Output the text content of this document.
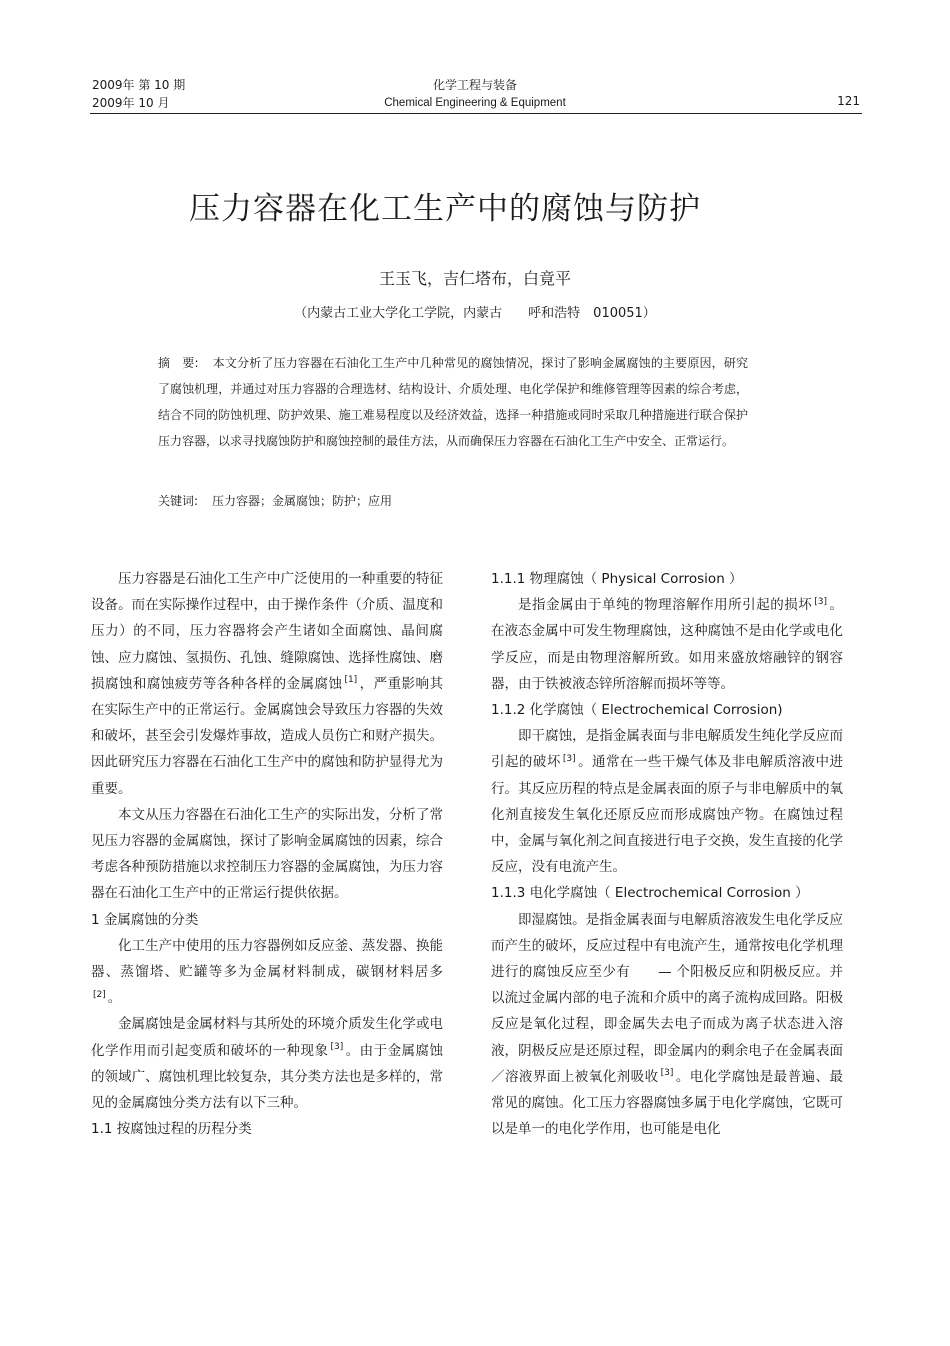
2009年 第 10 期
2009年 10 月
化学工程与装备
Chemical Engineering & Equipment	121
压力容器在化工生产中的腐蚀与防护
王玉飞，吉仁塔布，白竟平
（内蒙古工业大学化工学院，内蒙古　　呼和浩特　010051）
摘　要: 本文分析了压力容器在石油化工生产中几种常见的腐蚀情况，探讨了影响金属腐蚀的主要原因，研究了腐蚀机理，并通过对压力容器的合理选材、结构设计、介质处理、电化学保护和维修管理等因素的综合考虑，结合不同的防蚀机理、防护效果、施工难易程度以及经济效益，选择一种措施或同时采取几种措施进行联合保护压力容器，以求寻找腐蚀防护和腐蚀控制的最佳方法，从而确保压力容器在石油化工生产中安全、正常运行。
关键词: 压力容器；金属腐蚀；防护；应用

压力容器是石油化工生产中广泛使用的一种重要的特征设备。而在实际操作过程中，由于操作条件（介质、温度和压力）的不同，压力容器将会产生诸如全面腐蚀、晶间腐蚀、应力腐蚀、氢损伤、孔蚀、缝隙腐蚀、选择性腐蚀、磨损腐蚀和腐蚀疲劳等各种各样的金属腐蚀 [1] ，严重影响其在实际生产中的正常运行。金属腐蚀会导致压力容器的失效和破坏，甚至会引发爆炸事故，造成人员伤亡和财产损失。因此研究压力容器在石油化工生产中的腐蚀和防护显得尤为重要。

本文从压力容器在石油化工生产的实际出发，分析了常见压力容器的金属腐蚀，探讨了影响金属腐蚀的因素，综合考虑各种预防措施以求控制压力容器的金属腐蚀，为压力容器在石油化工生产中的正常运行提供依据。

1 金属腐蚀的分类

化工生产中使用的压力容器例如反应釜、蒸发器、换能器、蒸馏塔、贮罐等多为金属材料制成，碳钢材料居多[2] 。

金属腐蚀是金属材料与其所处的环境介质发生化学或电化学作用而引起变质和破坏的一种现象 [3] 。由于金属腐蚀的领域广、腐蚀机理比较复杂，其分类方法也是多样的，常见的金属腐蚀分类方法有以下三种。

1.1 按腐蚀过程的历程分类

1.1.1 物理腐蚀（ Physical Corrosion ）

是指金属由于单纯的物理溶解作用所引起的损坏 [3] 。在液态金属中可发生物理腐蚀，这种腐蚀不是由化学或电化学反应，而是由物理溶解所致。如用来盛放熔融锌的钢容器，由于铁被液态锌所溶解而损坏等等。

1.1.2 化学腐蚀（ Electrochemical Corrosion)

即干腐蚀，是指金属表面与非电解质发生纯化学反应而引起的破坏 [3] 。通常在一些干燥气体及非电解质溶液中进行。其反应历程的特点是金属表面的原子与非电解质中的氧化剂直接发生氧化还原反应而形成腐蚀产物。在腐蚀过程中，金属与氧化剂之间直接进行电子交换，发生直接的化学反应，没有电流产生。

1.1.3 电化学腐蚀（ Electrochemical Corrosion ）

即湿腐蚀。是指金属表面与电解质溶液发生电化学反应而产生的破坏，反应过程中有电流产生，通常按电化学机理进行的腐蚀反应至少有　　— 个阳极反应和阴极反应。并以流过金属内部的电子流和介质中的离子流构成回路。阳极反应是氧化过程，即金属失去电子而成为离子状态进入溶液，阴极反应是还原过程，即金属内的剩余电子在金属表面／溶液界面上被氧化剂吸收 [3] 。电化学腐蚀是最普遍、最常见的腐蚀。化工压力容器腐蚀多属于电化学腐蚀，它既可以是单一的电化学作用，也可能是电化
